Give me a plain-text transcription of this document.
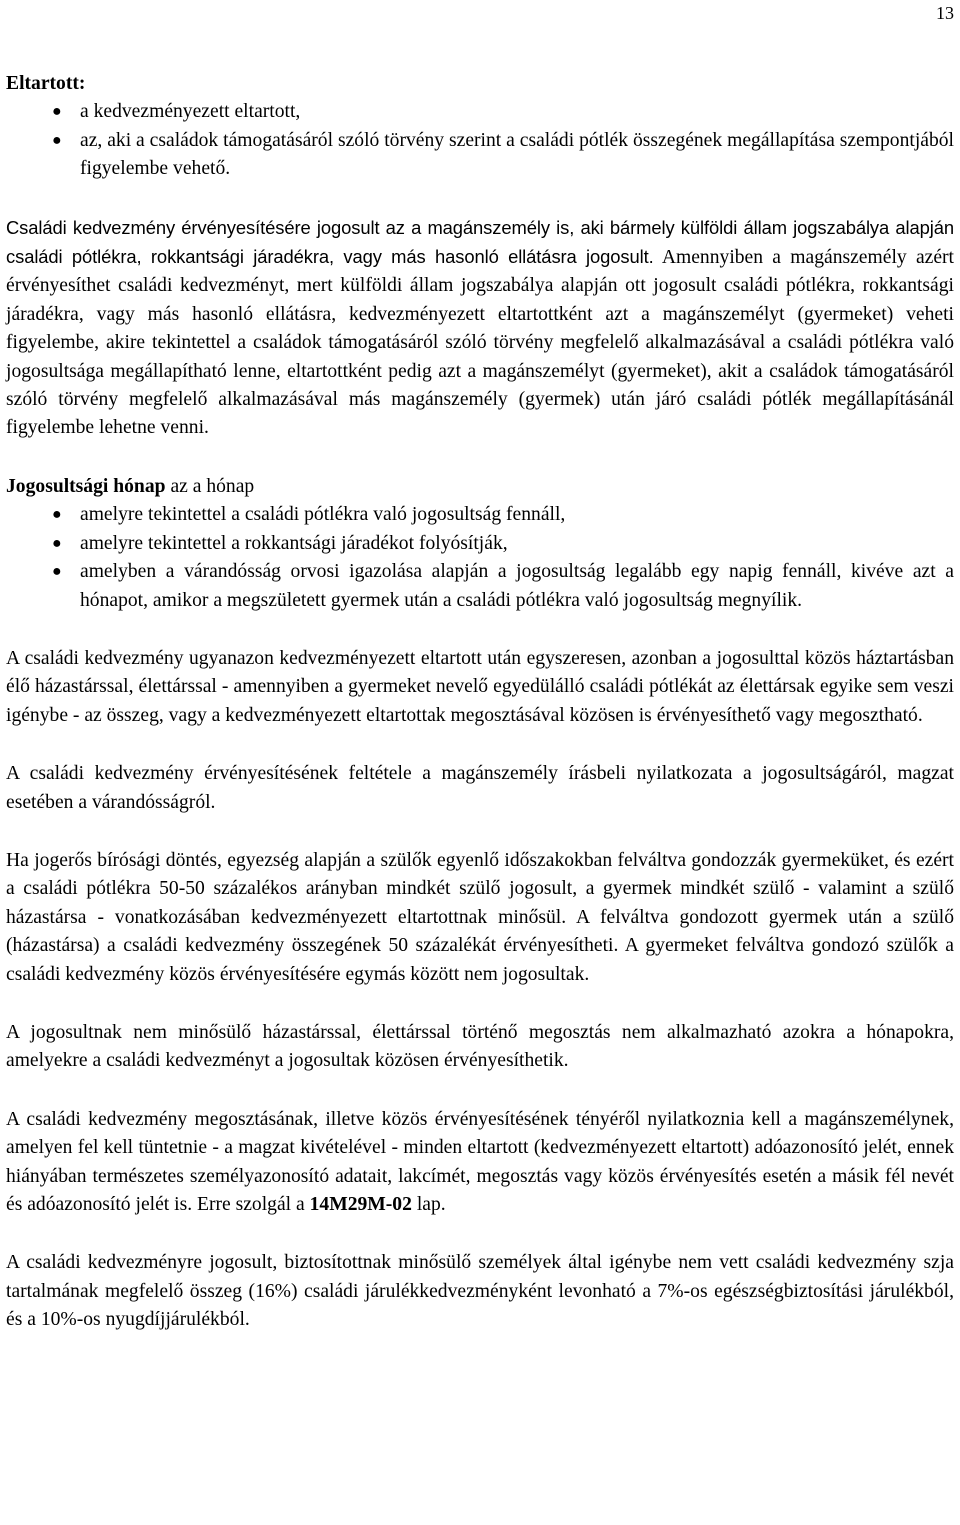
13

Eltartott:

● a kedvezményezett eltartott,
● az, aki a családok támogatásáról szóló törvény szerint a családi pótlék összegének megállapítása szempontjából figyelembe vehető.

Családi kedvezmény érvényesítésére jogosult az a magánszemély is, aki bármely külföldi állam jogszabálya alapján családi pótlékra, rokkantsági járadékra, vagy más hasonló ellátásra jogosult. Amennyiben a magánszemély azért érvényesíthet családi kedvezményt, mert külföldi állam jogszabálya alapján ott jogosult családi pótlékra, rokkantsági járadékra, vagy más hasonló ellátásra, kedvezményezett eltartottként azt a magánszemélyt (gyermeket) veheti figyelembe, akire tekintettel a családok támogatásáról szóló törvény megfelelő alkalmazásával a családi pótlékra való jogosultsága megállapítható lenne, eltartottként pedig azt a magánszemélyt (gyermeket), akit a családok támogatásáról szóló törvény megfelelő alkalmazásával más magánszemély (gyermek) után járó családi pótlék megállapításánál figyelembe lehetne venni.

Jogosultsági hónap az a hónap

● amelyre tekintettel a családi pótlékra való jogosultság fennáll,
● amelyre tekintettel a rokkantsági járadékot folyósítják,
● amelyben a várandósság orvosi igazolása alapján a jogosultság legalább egy napig fennáll, kivéve azt a hónapot, amikor a megszületett gyermek után a családi pótlékra való jogosultság megnyílik.

A családi kedvezmény ugyanazon kedvezményezett eltartott után egyszeresen, azonban a jogosulttal közös háztartásban élő házastárssal, élettárssal - amennyiben a gyermeket nevelő egyedülálló családi pótlékát az élettársak egyike sem veszi igénybe - az összeg, vagy a kedvezményezett eltartottak megosztásával közösen is érvényesíthető vagy megosztható.

A családi kedvezmény érvényesítésének feltétele a magánszemély írásbeli nyilatkozata a jogosultságáról, magzat esetében a várandósságról.

Ha jogerős bírósági döntés, egyezség alapján a szülők egyenlő időszakokban felváltva gondozzák gyermeküket, és ezért a családi pótlékra 50-50 százalékos arányban mindkét szülő jogosult, a gyermek mindkét szülő - valamint a szülő házastársa - vonatkozásában kedvezményezett eltartottnak minősül. A felváltva gondozott gyermek után a szülő (házastársa) a családi kedvezmény összegének 50 százalékát érvényesítheti. A gyermeket felváltva gondozó szülők a családi kedvezmény közös érvényesítésére egymás között nem jogosultak.

A jogosultnak nem minősülő házastárssal, élettárssal történő megosztás nem alkalmazható azokra a hónapokra, amelyekre a családi kedvezményt a jogosultak közösen érvényesíthetik.

A családi kedvezmény megosztásának, illetve közös érvényesítésének tényéről nyilatkoznia kell a magánszemélynek, amelyen fel kell tüntetnie - a magzat kivételével - minden eltartott (kedvezményezett eltartott) adóazonosító jelét, ennek hiányában természetes személyazonosító adatait, lakcímét, megosztás vagy közös érvényesítés esetén a másik fél nevét és adóazonosító jelét is. Erre szolgál a 14M29M-02 lap.

A családi kedvezményre jogosult, biztosítottnak minősülő személyek által igénybe nem vett családi kedvezmény szja tartalmának megfelelő összeg (16%) családi járulékkedvezményként levonható a 7%-os egészségbiztosítási járulékból, és a 10%-os nyugdíjjárulékból.
